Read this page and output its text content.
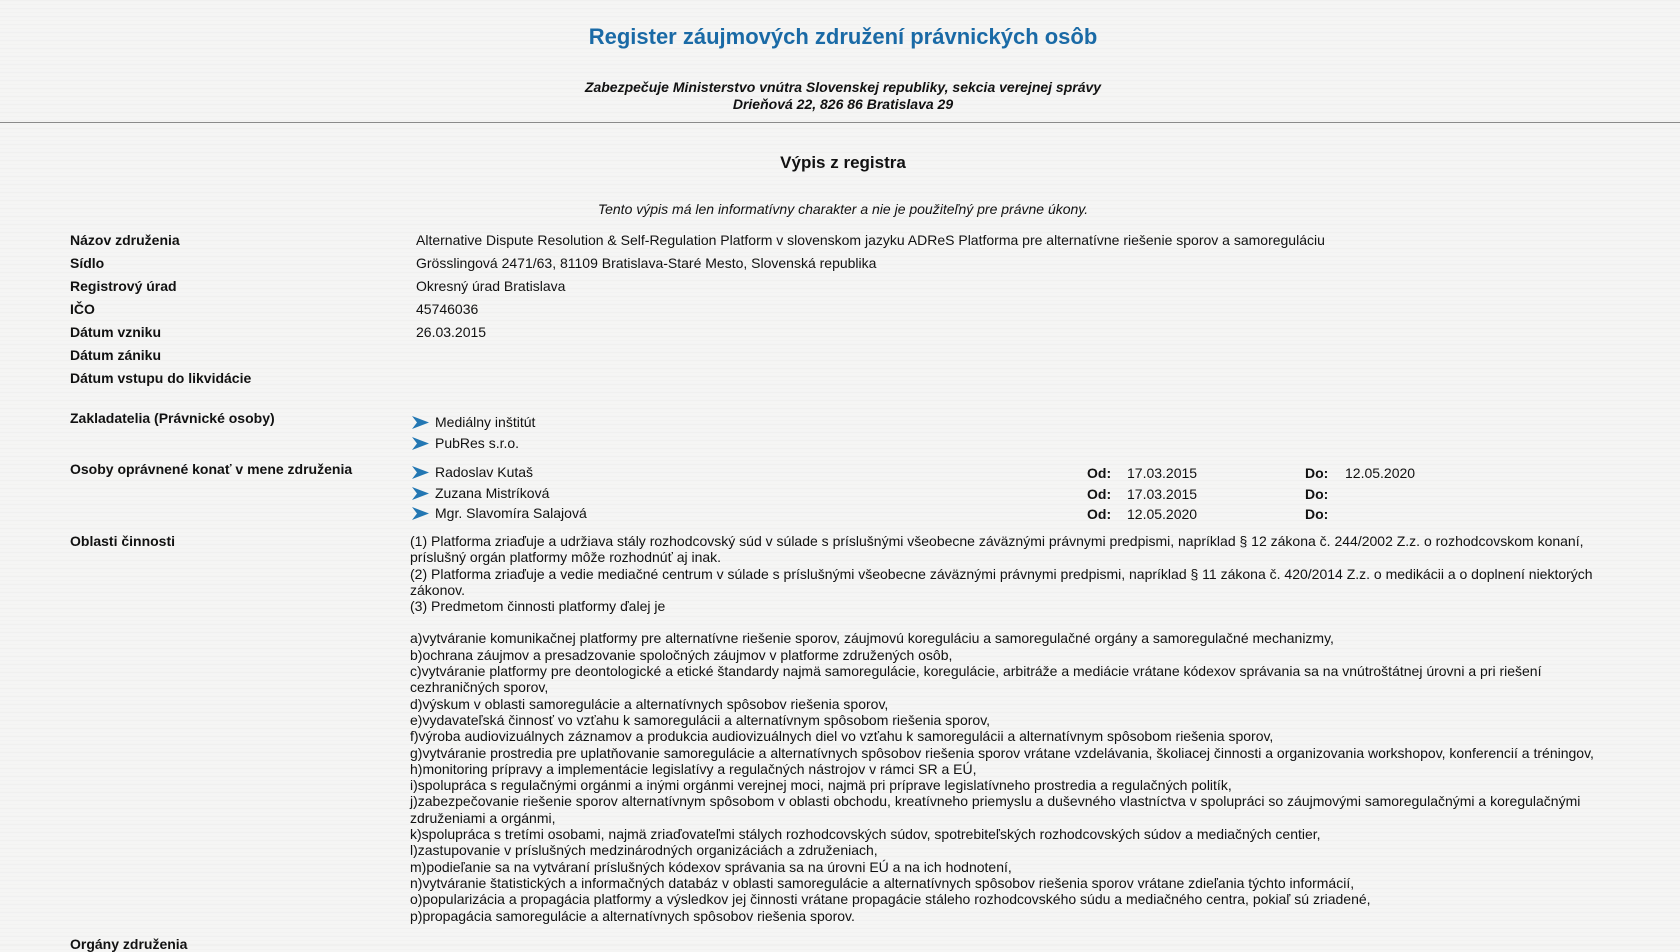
Register záujmových združení právnických osôb
Zabezpečuje Ministerstvo vnútra Slovenskej republiky, sekcia verejnej správy
Drieňová 22, 826 86 Bratislava 29
Výpis z registra
Tento výpis má len informatívny charakter a nie je použiteľný pre právne úkony.
Názov združenia	Alternative Dispute Resolution & Self-Regulation Platform v slovenskom jazyku ADReS Platforma pre alternatívne riešenie sporov a samoreguláciu
Sídlo	Grösslingová 2471/63, 81109 Bratislava-Staré Mesto, Slovenská republika
Registrový úrad	Okresný úrad Bratislava
IČO	45746036
Dátum vzniku	26.03.2015
Dátum zániku
Dátum vstupu do likvidácie
Zakladatelia (Právnické osoby)	Mediálny inštitút
PubRes s.r.o.
Osoby oprávnené konať v mene združenia	Radoslav Kutaš	Od: 17.03.2015	Do: 12.05.2020
Zuzana Mistríková	Od: 17.03.2015	Do:
Mgr. Slavomíra Salajová	Od: 12.05.2020	Do:
Oblasti činnosti	(1) Platforma zriaďuje a udržiava stály rozhodcovský súd v súlade s príslušnými všeobecne záväznými právnymi predpismi, napríklad § 12 zákona č. 244/2002 Z.z. o rozhodcovskom konaní, príslušný orgán platformy môže rozhodnúť aj inak.

(2) Platforma zriaďuje a vedie mediačné centrum v súlade s príslušnými všeobecne záväznými právnymi predpismi, napríklad § 11 zákona č. 420/2014 Z.z. o medikácii a o doplnení niektorých zákonov.

(3) Predmetom činnosti platformy ďalej je

a)vytváranie komunikačnej platformy pre alternatívne riešenie sporov, záujmovú koreguláciu a samoregulačné orgány a samoregulačné mechanizmy,

b)ochrana záujmov a presadzovanie spoločných záujmov v platforme združených osôb,

c)vytváranie platformy pre deontologické a etické štandardy najmä samoregulácie, koregulácie, arbitráže a mediácie vrátane kódexov správania sa na vnútroštátnej úrovni a pri riešení cezhraničných sporov,

d)výskum v oblasti samoregulácie a alternatívnych spôsobov riešenia sporov,

e)vydavateľská činnosť vo vzťahu k samoregulácii a alternatívnym spôsobom riešenia sporov,

f)výroba audiovizuálnych záznamov a produkcia audiovizuálnych diel vo vzťahu k samoregulácii a alternatívnym spôsobom riešenia sporov,

g)vytváranie prostredia pre uplatňovanie samoregulácie a alternatívnych spôsobov riešenia sporov vrátane vzdelávania, školiacej činnosti a organizovania workshopov, konferencií a tréningov,

h)monitoring prípravy a implementácie legislatívy a regulačných nástrojov v rámci SR a EÚ,

i)spolupráca s regulačnými orgánmi a inými orgánmi verejnej moci, najmä pri príprave legislatívneho prostredia a regulačných politík,

j)zabezpečovanie riešenie sporov alternatívnym spôsobom v oblasti obchodu, kreatívneho priemyslu a duševného vlastníctva v spolupráci so záujmovými samoregulačnými a koregulačnými združeniami a orgánmi,

k)spolupráca s tretími osobami, najmä zriaďovateľmi stálych rozhodcovských súdov, spotrebiteľských rozhodcovských súdov a mediačných centier,

l)zastupovanie v príslušných medzinárodných organizáciách a združeniach,

m)podieľanie sa na vytváraní príslušných kódexov správania sa na úrovni EÚ a na ich hodnotení,

n)vytváranie štatistických a informačných databáz v oblasti samoregulácie a alternatívnych spôsobov riešenia sporov vrátane zdieľania týchto informácií,

o)popularizácia a propagácia platformy a výsledkov jej činnosti vrátane propagácie stáleho rozhodcovského súdu a mediačného centra, pokiaľ sú zriadené,

p)propagácia samoregulácie a alternatívnych spôsobov riešenia sporov.

Orgány združenia
